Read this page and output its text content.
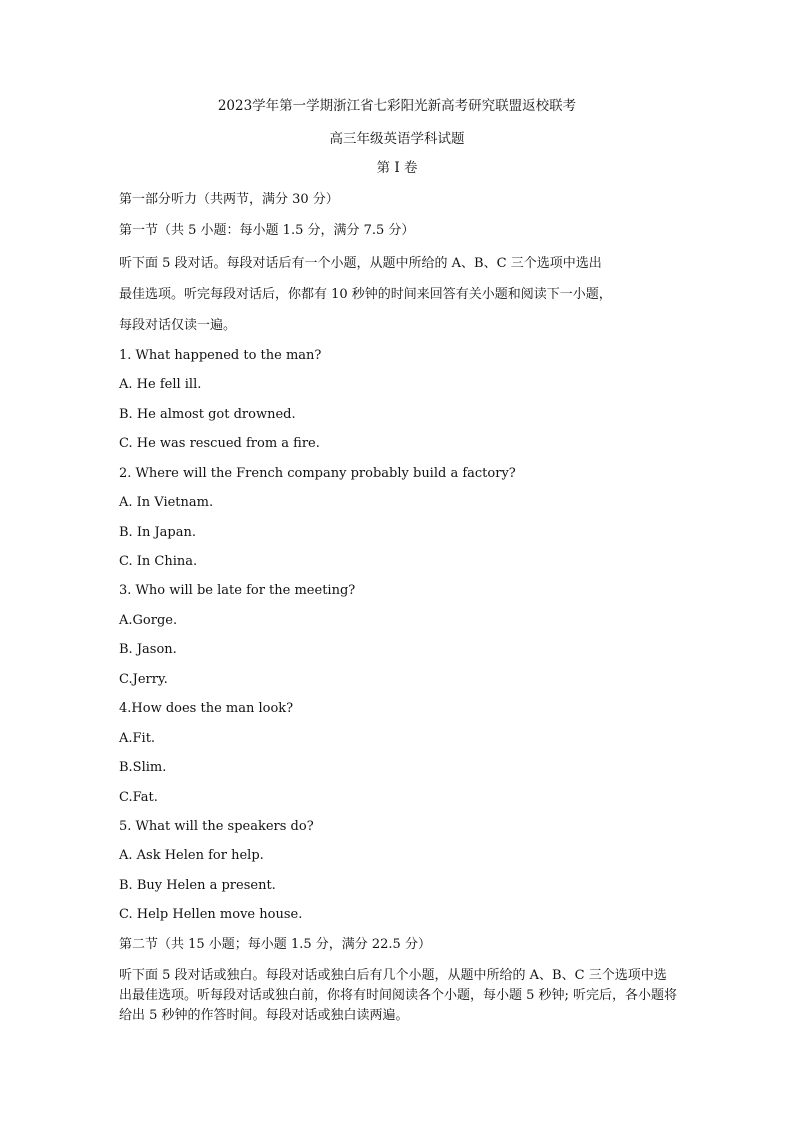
2023学年第一学期浙江省七彩阳光新高考研究联盟返校联考
高三年级英语学科试题
第 I 卷
第一部分听力（共两节，满分 30 分）
第一节（共 5 小题：每小题 1.5 分，满分 7.5 分）
听下面 5 段对话。每段对话后有一个小题，从题中所给的 A、B、C 三个选项中选出
最佳选项。听完每段对话后，你都有 10 秒钟的时间来回答有关小题和阅读下一小题，
每段对话仅读一遍。
1. What happened to the man?
A. He fell ill.
B. He almost got drowned.
C. He was rescued from a fire.
2. Where will the French company probably build a factory?
A. In Vietnam.
B. In Japan.
C. In China.
3. Who will be late for the meeting?
A.Gorge.
B. Jason.
C.Jerry.
4.How does the man look?
A.Fit.
B.Slim.
C.Fat.
5. What will the speakers do?
A. Ask Helen for help.
B. Buy Helen a present.
C. Help Hellen move house.
第二节（共 15 小题；每小题 1.5 分，满分 22.5 分）
听下面 5 段对话或独白。每段对话或独白后有几个小题，从题中所给的 A、B、C 三个选项中选出最佳选项。听每段对话或独白前，你将有时间阅读各个小题，每小题 5 秒钟; 听完后，各小题将给出 5 秒钟的作答时间。每段对话或独白读两遍。
